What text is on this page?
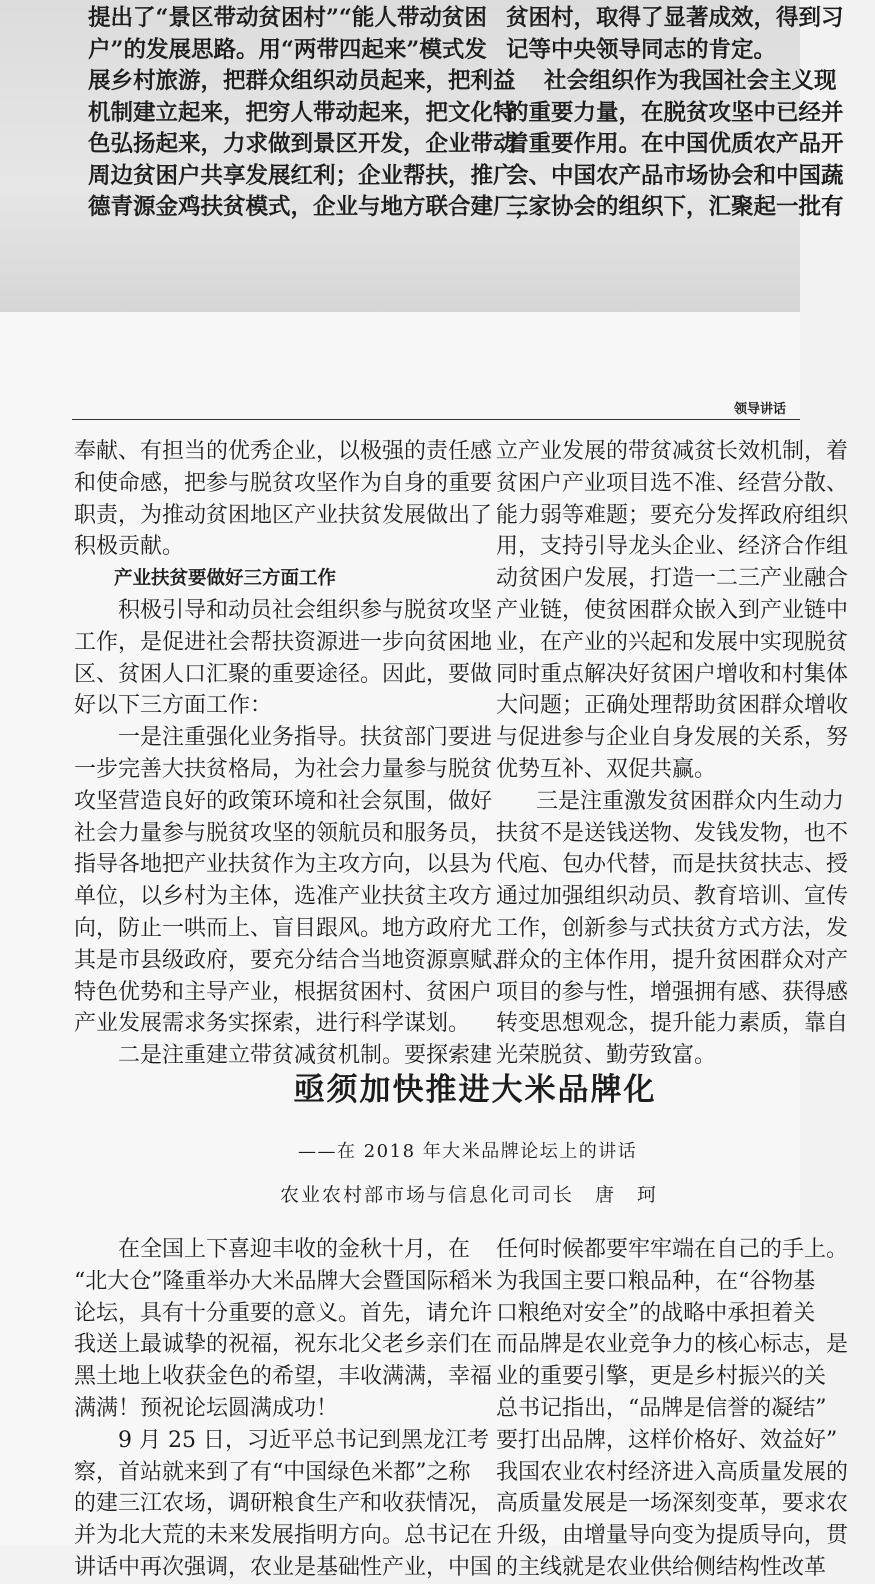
提出了“景区带动贫困村”“能人带动贫困

户”的发展思路。用“两带四起来”模式发

展乡村旅游，把群众组织动员起来，把利益

机制建立起来，把穷人带动起来，把文化特

色弘扬起来，力求做到景区开发，企业带动

周边贫困户共享发展红利；企业帮扶，推广

德青源金鸡扶贫模式，企业与地方联合建厂，

贫困村，取得了显著成效，得到习

记等中央领导同志的肯定。

社会组织作为我国社会主义现

的重要力量，在脱贫攻坚中已经并

着重要作用。在中国优质农产品开

会、中国农产品市场协会和中国蔬

三家协会的组织下，汇聚起一批有

领导讲话

奉献、有担当的优秀企业，以极强的责任感

和使命感，把参与脱贫攻坚作为自身的重要

职责，为推动贫困地区产业扶贫发展做出了

积极贡献。

产业扶贫要做好三方面工作

积极引导和动员社会组织参与脱贫攻坚

工作，是促进社会帮扶资源进一步向贫困地

区、贫困人口汇聚的重要途径。因此，要做

好以下三方面工作：

一是注重强化业务指导。扶贫部门要进

一步完善大扶贫格局，为社会力量参与脱贫

攻坚营造良好的政策环境和社会氛围，做好

社会力量参与脱贫攻坚的领航员和服务员，

指导各地把产业扶贫作为主攻方向，以县为

单位，以乡村为主体，选准产业扶贫主攻方

向，防止一哄而上、盲目跟风。地方政府尤

其是市县级政府，要充分结合当地资源禀赋、

特色优势和主导产业，根据贫困村、贫困户

产业发展需求务实探索，进行科学谋划。

二是注重建立带贫减贫机制。要探索建

立产业发展的带贫减贫长效机制，着

贫困户产业项目选不准、经营分散、

能力弱等难题；要充分发挥政府组织

用，支持引导龙头企业、经济合作组

动贫困户发展，打造一二三产业融合

产业链，使贫困群众嵌入到产业链中

业，在产业的兴起和发展中实现脱贫

同时重点解决好贫困户增收和村集体

大问题；正确处理帮助贫困群众增收

与促进参与企业自身发展的关系，努

优势互补、双促共赢。

三是注重激发贫困群众内生动力

扶贫不是送钱送物、发钱发物，也不

代庖、包办代替，而是扶贫扶志、授

通过加强组织动员、教育培训、宣传

工作，创新参与式扶贫方式方法，发

群众的主体作用，提升贫困群众对产

项目的参与性，增强拥有感、获得感

转变思想观念，提升能力素质，靠自

光荣脱贫、勤劳致富。

亟须加快推进大米品牌化

——在 2018 年大米品牌论坛上的讲话

农业农村部市场与信息化司司长　唐　珂

在全国上下喜迎丰收的金秋十月，在

“北大仓”隆重举办大米品牌大会暨国际稻米

论坛，具有十分重要的意义。首先，请允许

我送上最诚挚的祝福，祝东北父老乡亲们在

黑土地上收获金色的希望，丰收满满，幸福

满满！预祝论坛圆满成功！

9 月 25 日，习近平总书记到黑龙江考

察，首站就来到了有“中国绿色米都”之称

的建三江农场，调研粮食生产和收获情况，

并为北大荒的未来发展指明方向。总书记在

讲话中再次强调，农业是基础性产业，中国

任何时候都要牢牢端在自己的手上。

为我国主要口粮品种，在“谷物基

口粮绝对安全”的战略中承担着关

而品牌是农业竞争力的核心标志，是

业的重要引擎，更是乡村振兴的关

总书记指出，“品牌是信誉的凝结”

要打出品牌，这样价格好、效益好”

我国农业农村经济进入高质量发展的

高质量发展是一场深刻变革，要求农

升级，由增量导向变为提质导向，贯

的主线就是农业供给侧结构性改革
